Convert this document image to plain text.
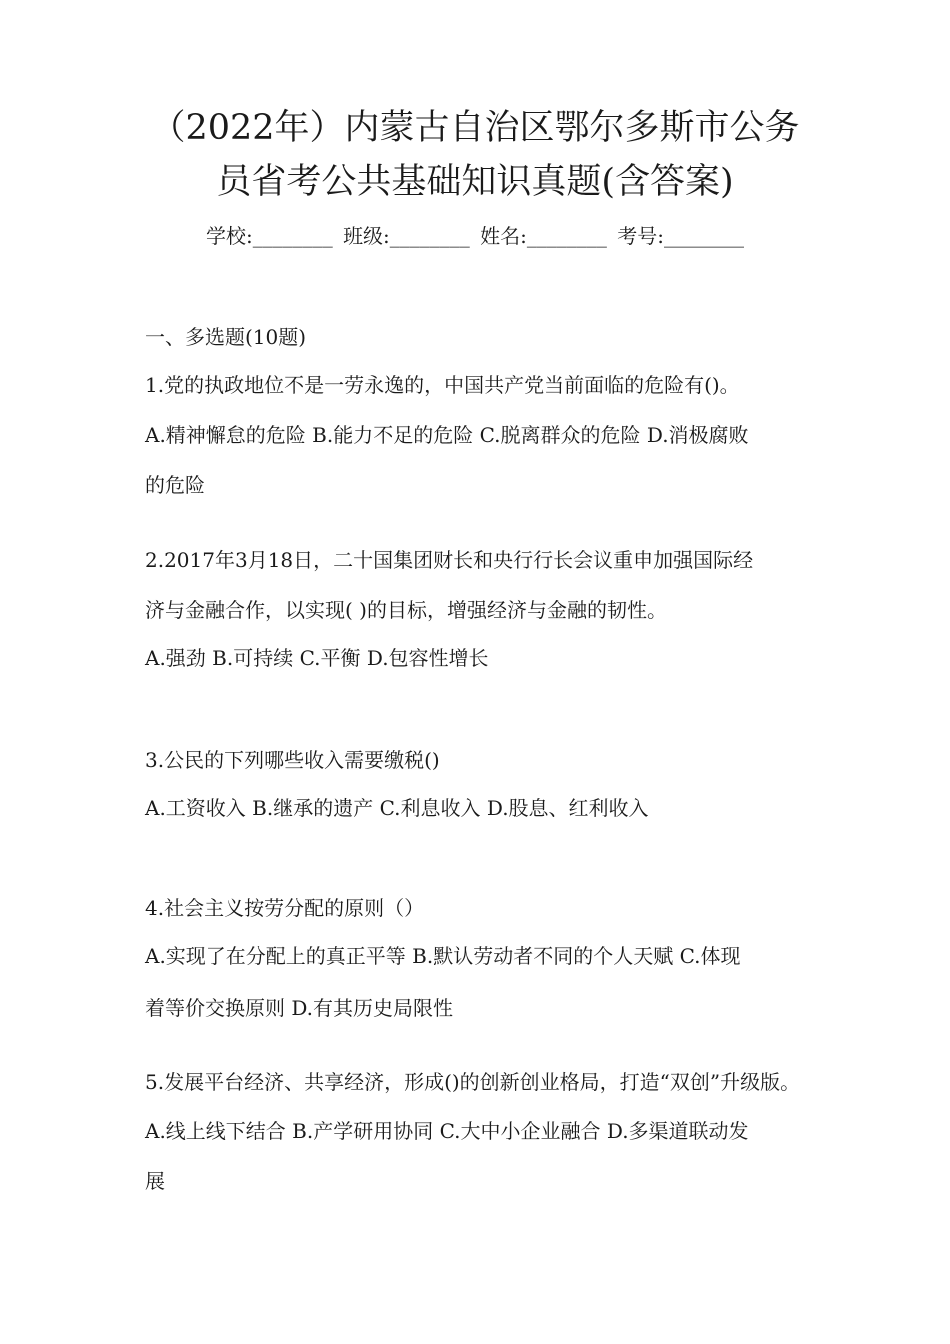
（2022年）内蒙古自治区鄂尔多斯市公务
员省考公共基础知识真题(含答案)
学校:________ 班级:________ 姓名:________ 考号:________
一、多选题(10题)
1.党的执政地位不是一劳永逸的，中国共产党当前面临的危险有()。
A.精神懈怠的危险 B.能力不足的危险 C.脱离群众的危险 D.消极腐败
的危险
2.2017年3月18日，二十国集团财长和央行行长会议重申加强国际经
济与金融合作，以实现( )的目标，增强经济与金融的韧性。
A.强劲 B.可持续 C.平衡 D.包容性增长
3.公民的下列哪些收入需要缴税()
A.工资收入 B.继承的遗产 C.利息收入 D.股息、红利收入
4.社会主义按劳分配的原则（）
A.实现了在分配上的真正平等 B.默认劳动者不同的个人天赋 C.体现
着等价交换原则 D.有其历史局限性
5.发展平台经济、共享经济，形成()的创新创业格局，打造“双创”升级版。
A.线上线下结合 B.产学研用协同 C.大中小企业融合 D.多渠道联动发
展
